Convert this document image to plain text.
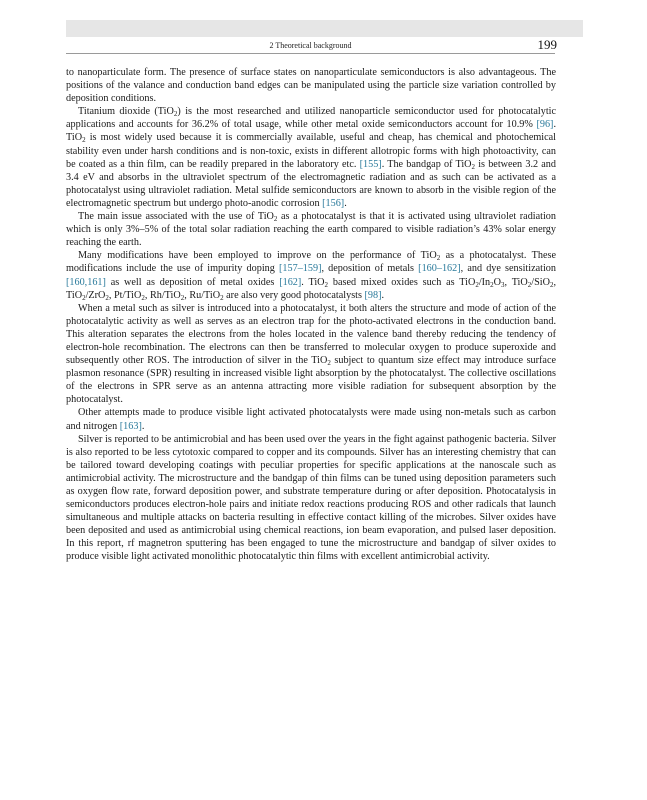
2 Theoretical background	199

to nanoparticulate form. The presence of surface states on nanoparticulate semiconductors is also advantageous. The positions of the valance and conduction band edges can be manipulated using the particle size variation controlled by deposition conditions.

Titanium dioxide (TiO$_2$) is the most researched and utilized nanoparticle semiconductor used for photocatalytic applications and accounts for 36.2% of total usage, while other metal oxide semiconductors account for 10.9% [96]. TiO$_2$ is most widely used because it is commercially available, useful and cheap, has chemical and photochemical stability even under harsh conditions and is non-toxic, exists in different allotropic forms with high photoactivity, can be coated as a thin film, can be readily prepared in the laboratory etc. [155]. The bandgap of TiO$_2$ is between 3.2 and 3.4 eV and absorbs in the ultraviolet spectrum of the electromagnetic radiation and as such can be activated as a photocatalyst using ultraviolet radiation. Metal sulfide semiconductors are known to absorb in the visible region of the electromagnetic spectrum but undergo photo-anodic corrosion [156].

The main issue associated with the use of TiO$_2$ as a photocatalyst is that it is activated using ultraviolet radiation which is only 3%–5% of the total solar radiation reaching the earth compared to visible radiation’s 43% solar energy reaching the earth.

Many modifications have been employed to improve on the performance of TiO$_2$ as a photocatalyst. These modifications include the use of impurity doping [157–159], deposition of metals [160–162], and dye sensitization [160,161] as well as deposition of metal oxides [162]. TiO$_2$ based mixed oxides such as $TiO_2/In_2O_3$, TiO$_2$/SiO$_2$, TiO$_2$/ZrO$_2$, Pt/TiO$_2$, Rh/TiO$_2$, Ru/TiO$_2$ are also very good photocatalysts [98].

When a metal such as silver is introduced into a photocatalyst, it both alters the structure and mode of action of the photocatalytic activity as well as serves as an electron trap for the photo-activated electrons in the conduction band. This alteration separates the electrons from the holes located in the valence band thereby reducing the tendency of electron-hole recombination. The electrons can then be transferred to molecular oxygen to produce superoxide and subsequently other ROS. The introduction of silver in the TiO$_2$ subject to quantum size effect may introduce surface plasmon resonance (SPR) resulting in increased visible light absorption by the photocatalyst. The collective oscillations of the electrons in SPR serve as an antenna attracting more visible radiation for subsequent absorption by the photocatalyst.

Other attempts made to produce visible light activated photocatalysts were made using non-metals such as carbon and nitrogen [163].

Silver is reported to be antimicrobial and has been used over the years in the fight against pathogenic bacteria. Silver is also reported to be less cytotoxic compared to copper and its compounds. Silver has an interesting chemistry that can be tailored toward developing coatings with peculiar properties for specific applications at the nanoscale such as antimicrobial activity. The microstructure and the bandgap of thin films can be tuned using deposition parameters such as oxygen flow rate, forward deposition power, and substrate temperature during or after deposition. Photocatalysis in semiconductors produces electron-hole pairs and initiate redox reactions producing ROS and other radicals that launch simultaneous and multiple attacks on bacteria resulting in effective contact killing of the microbes. Silver oxides have been deposited and used as antimicrobial using chemical reactions, ion beam evaporation, and pulsed laser deposition. In this report, rf magnetron sputtering has been engaged to tune the microstructure and bandgap of silver oxides to produce visible light activated monolithic photocatalytic thin films with excellent antimicrobial activity.
